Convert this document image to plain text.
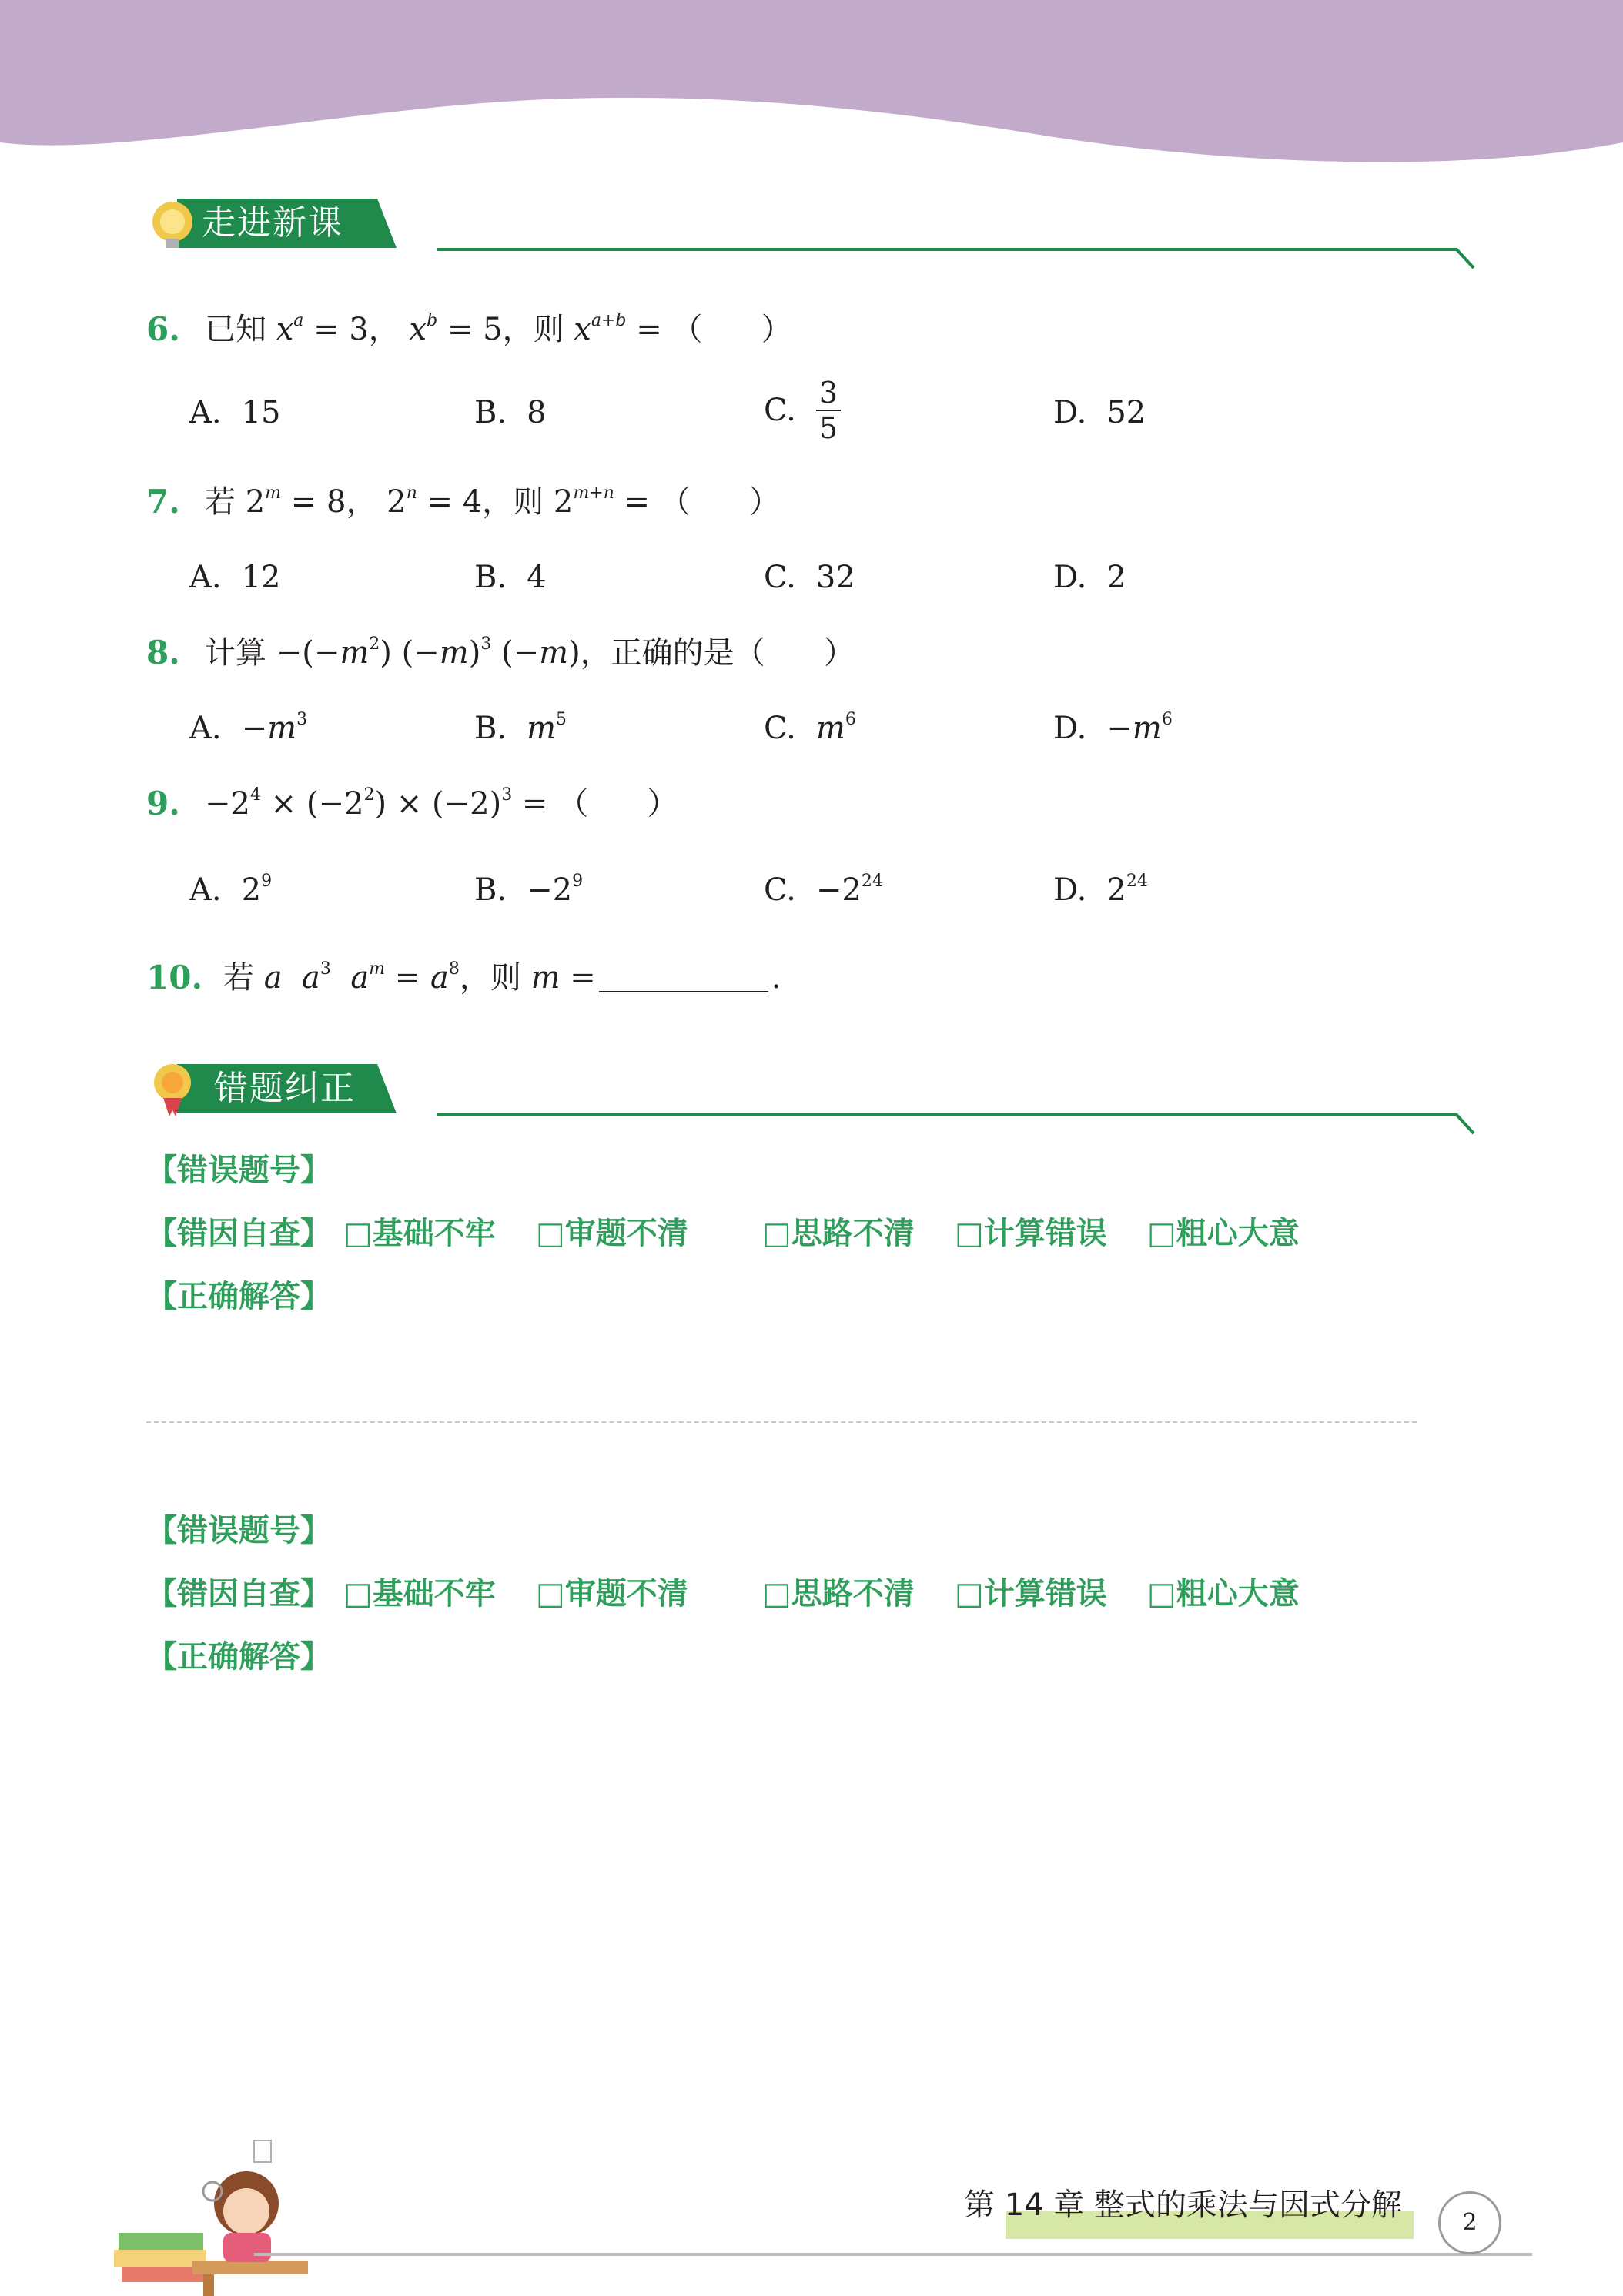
走进新课
6. 已知 $x^a = 3$， $x^b = 5$，则 $x^{a+b}$ = （      ）
A. 15	B. 8	C. $\frac{3}{5}$	D. 52
7. 若 $2^m = 8$， $2^n = 4$，则 $2^{m+n}$ = （      ）
A. 12	B. 4	C. 32	D. 2
8. 计算 $-(-m^2)$ $(-m)^3$ (−m)，正确的是（      ）
A. $-m^3$	B. $m^5$	C. $m^6$	D. $-m^6$
9. $-2^4 \times (-2^2) \times (-2)^3$ = （      ）
A. $2^9$	B. $-2^9$	C. $-2^{24}$	D. $2^{24}$
10. 若 a $a^3$ $a^m = a^8$，则 m =	.
错题纠正
【错误题号】
【错因自查】 □基础不牢 □审题不清 □思路不清 □计算错误 □粗心大意
【正确解答】
【错误题号】
【错因自查】 □基础不牢 □审题不清 □思路不清 □计算错误 □粗心大意
【正确解答】
第 14 章 整式的乘法与因式分解	2
